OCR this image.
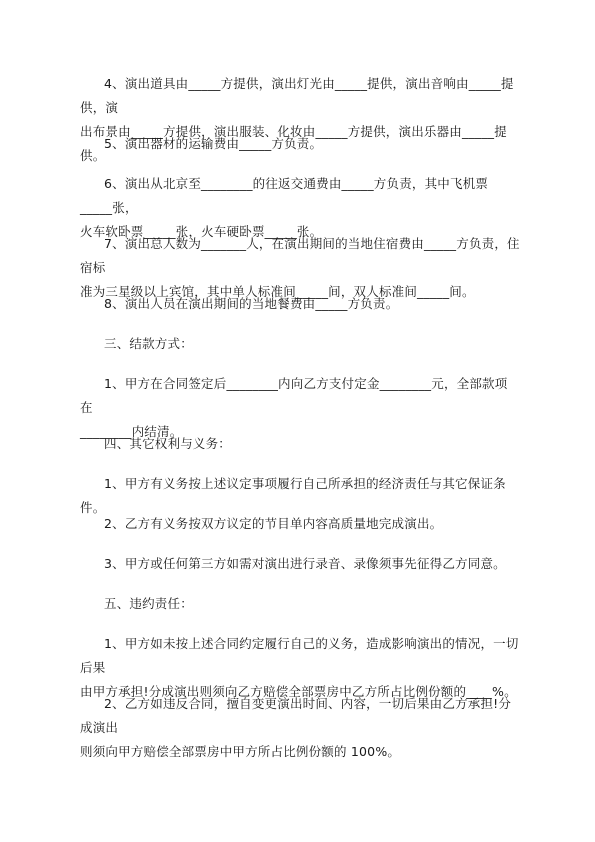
4、演出道具由_____方提供，演出灯光由_____提供，演出音响由_____提供，演
出布景由_____方提供，演出服装、化妆由_____方提供，演出乐器由_____提供。

5、演出器材的运输费由_____方负责。

6、演出从北京至________的往返交通费由_____方负责，其中飞机票_____张，
火车软卧票_____张，火车硬卧票_____张。

7、演出总人数为_______人，在演出期间的当地住宿费由_____方负责，住宿标
准为三星级以上宾馆，其中单人标准间_____间，双人标准间_____间。

8、演出人员在演出期间的当地餐费由_____方负责。

三、结款方式：

1、甲方在合同签定后________内向乙方支付定金________元，全部款项在
________内结清。

四、其它权利与义务：

1、甲方有义务按上述议定事项履行自己所承担的经济责任与其它保证条件。

2、乙方有义务按双方议定的节目单内容高质量地完成演出。

3、甲方或任何第三方如需对演出进行录音、录像须事先征得乙方同意。

五、违约责任：

1、甲方如未按上述合同约定履行自己的义务，造成影响演出的情况，一切后果
由甲方承担!分成演出则须向乙方赔偿全部票房中乙方所占比例份额的____%。

2、乙方如违反合同，擅自变更演出时间、内容，一切后果由乙方承担!分成演出
则须向甲方赔偿全部票房中甲方所占比例份额的 100%。
